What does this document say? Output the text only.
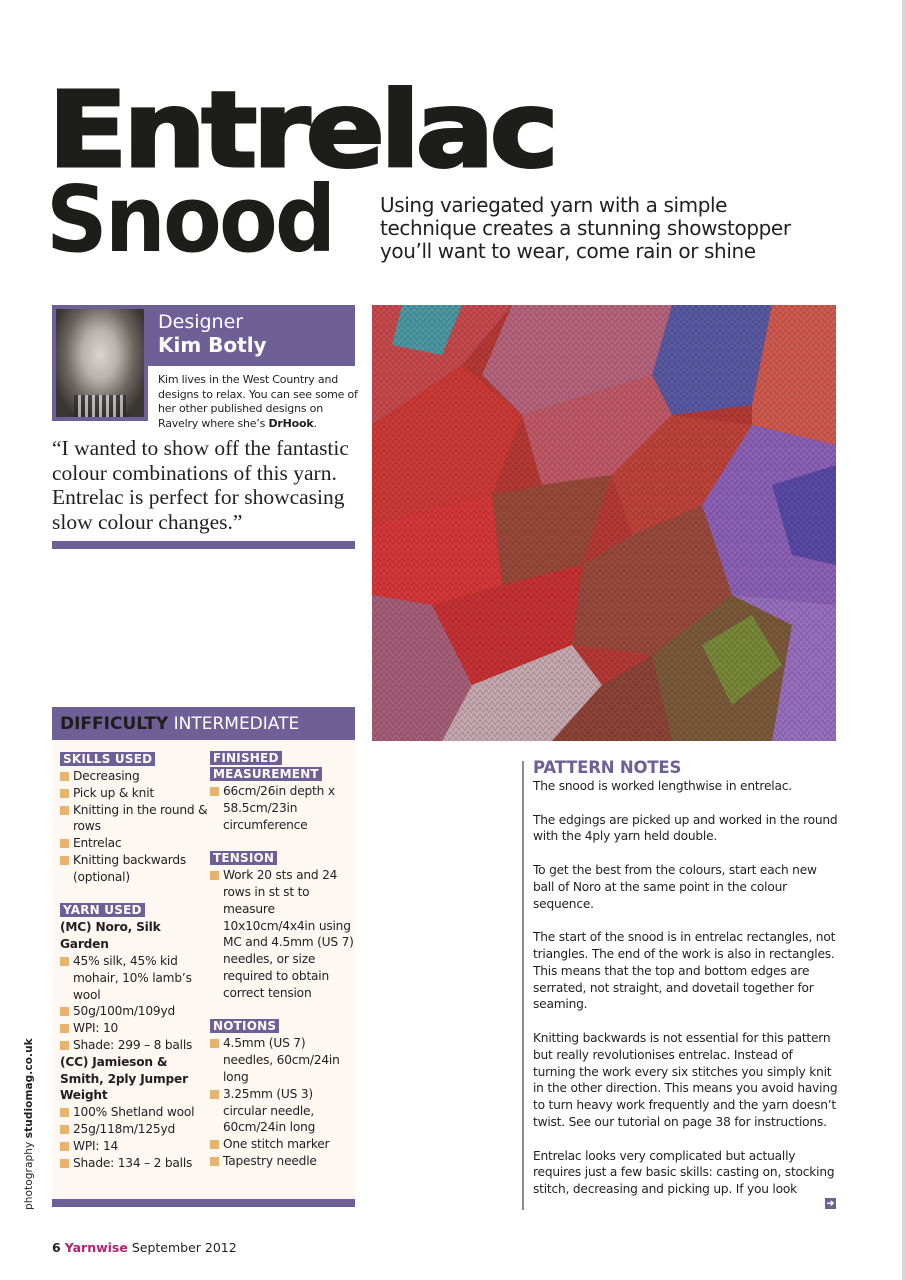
Entrelac
Snood Using variegated yarn with a simple technique creates a stunning showstopper you’ll want to wear, come rain or shine

Designer
Kim Botly

Kim lives in the West Country and designs to relax. You can see some of her other published designs on Ravelry where she’s DrHook.

“I wanted to show off the fantastic colour combinations of this yarn. Entrelac is perfect for showcasing slow colour changes.”

DIFFICULTY INTERMEDIATE
SKILLS USED
Decreasing
Pick up & knit
Knitting in the round & rows
Entrelac
Knitting backwards (optional)
YARN USED
(MC) Noro, Silk Garden
45% silk, 45% kid mohair, 10% lamb’s wool
50g/100m/109yd
WPI: 10
Shade: 299 – 8 balls
(CC) Jamieson & Smith, 2ply Jumper Weight
100% Shetland wool
25g/118m/125yd
WPI: 14
Shade: 134 – 2 balls
FINISHED
MEASUREMENT
66cm/26in depth x 58.5cm/23in circumference
TENSION
Work 20 sts and 24 rows in st st to measure 10x10cm/4x4in using MC and 4.5mm (US 7) needles, or size required to obtain correct tension
NOTIONS
4.5mm (US 7) needles, 60cm/24in long
3.25mm (US 3) circular needle, 60cm/24in long
One stitch marker
Tapestry needle
photography studiomag.co.uk
PATTERN NOTES

The snood is worked lengthwise in entrelac.

The edgings are picked up and worked in the round with the 4ply yarn held double.

To get the best from the colours, start each new ball of Noro at the same point in the colour sequence.

The start of the snood is in entrelac rectangles, not triangles. The end of the work is also in rectangles. This means that the top and bottom edges are serrated, not straight, and dovetail together for seaming.

Knitting backwards is not essential for this pattern but really revolutionises entrelac. Instead of turning the work every six stitches you simply knit in the other direction. This means you avoid having to turn heavy work frequently and the yarn doesn’t twist. See our tutorial on page 38 for instructions.

Entrelac looks very complicated but actually requires just a few basic skills: casting on, stocking stitch, decreasing and picking up. If you look

➔
6 Yarnwise September 2012
